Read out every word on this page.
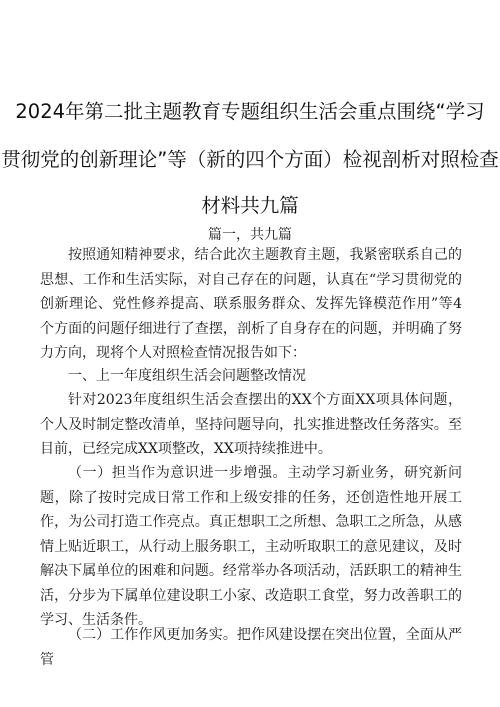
2024年第二批主题教育专题组织生活会重点围绕“学习
贯彻党的创新理论”等（新的四个方面）检视剖析对照检查
材料共九篇
篇一，共九篇

按照通知精神要求，结合此次主题教育主题，我紧密联系自己的思想、工作和生活实际，对自己存在的问题，认真在“学习贯彻党的创新理论、党性修养提高、联系服务群众、发挥先锋模范作用”等4个方面的问题仔细进行了查摆，剖析了自身存在的问题，并明确了努力方向，现将个人对照检查情况报告如下：

一、上一年度组织生活会问题整改情况

针对2023年度组织生活会查摆出的XX个方面XX项具体问题，个人及时制定整改清单，坚持问题导向，扎实推进整改任务落实。至目前，已经完成XX项整改，XX项持续推进中。

（一）担当作为意识进一步增强。主动学习新业务，研究新问题，除了按时完成日常工作和上级安排的任务，还创造性地开展工作，为公司打造工作亮点。真正想职工之所想、急职工之所急，从感情上贴近职工，从行动上服务职工，主动听取职工的意见建议，及时解决下属单位的困难和问题。经常举办各项活动，活跃职工的精神生活，分步为下属单位建设职工小家、改造职工食堂，努力改善职工的学习、生活条件。

（二）工作作风更加务实。把作风建设摆在突出位置，全面从严管
